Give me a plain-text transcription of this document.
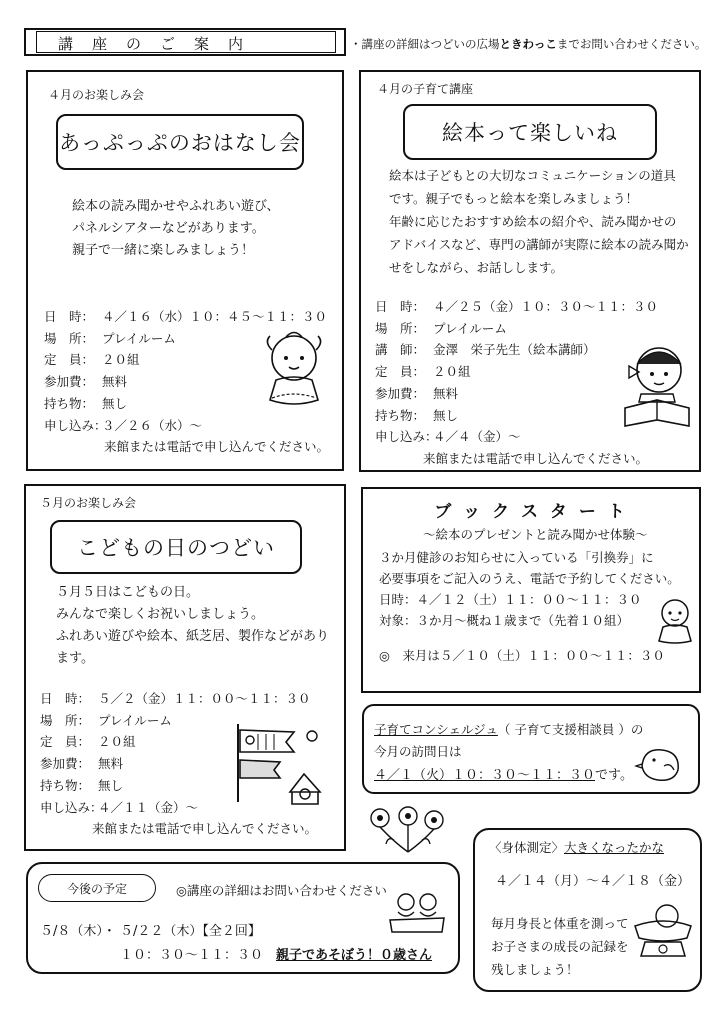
講　座　の　ご　案　内	・講座の詳細はつどいの広場ときわっこまでお問い合わせください。
４月のお楽しみ会
あっぷっぷのおはなし会
絵本の読み聞かせやふれあい遊び、
パネルシアターなどがあります。
親子で一緒に楽しみましょう！
日　時： ４／１６（水）１０：４５～１１：３０
場　所： プレイルーム
定　員： ２０組
参加費： 無料
持ち物： 無し
申し込み：３／２６（水）～
来館または電話で申し込んでください。
４月の子育て講座
絵本って楽しいね
絵本は子どもとの大切なコミュニケーションの道具
です。親子でもっと絵本を楽しみましょう！
年齢に応じたおすすめ絵本の紹介や、読み聞かせの
アドバイスなど、専門の講師が実際に絵本の読み聞か
せをしながら、お話しします。
日　時： ４／２５（金）１０：３０～１１：３０
場　所： プレイルーム
講　師： 金澤　栄子先生（絵本講師）
定　員： ２０組
参加費： 無料
持ち物： 無し
申し込み：４／４（金）～
来館または電話で申し込んでください。
５月のお楽しみ会
こどもの日のつどい
５月５日はこどもの日。
みんなで楽しくお祝いしましょう。
ふれあい遊びや絵本、紙芝居、製作などがあり
ます。
日　時： ５／２（金）１１：００～１１：３０
場　所： プレイルーム
定　員： ２０組
参加費： 無料
持ち物： 無し
申し込み：４／１１（金）～
来館または電話で申し込んでください。
ブ ッ ク ス タ ー ト
～絵本のプレゼントと読み聞かせ体験～
３か月健診のお知らせに入っている「引換券」に
必要事項をご記入のうえ、電話で予約してください。
日時：４／１２（土）１１：００～１１：３０
対象：３か月～概ね１歳まで（先着１０組）
◎　来月は５／１０（土）１１：００～１１：３０
子育てコンシェルジュ（ 子育て支援相談員 ）の
今月の訪問日は
４／１（火）１０：３０～１１：３０です。
〈身体測定〉大きくなったかな
４／１４（月）～４／１８（金）
毎月身長と体重を測って
お子さまの成長の記録を
残しましょう！
今後の予定	◎講座の詳細はお問い合わせください
５/８（木）・ ５/２２（木）【全２回】
１０：３０～１１：３０　 親子であそぼう！０歳さん
